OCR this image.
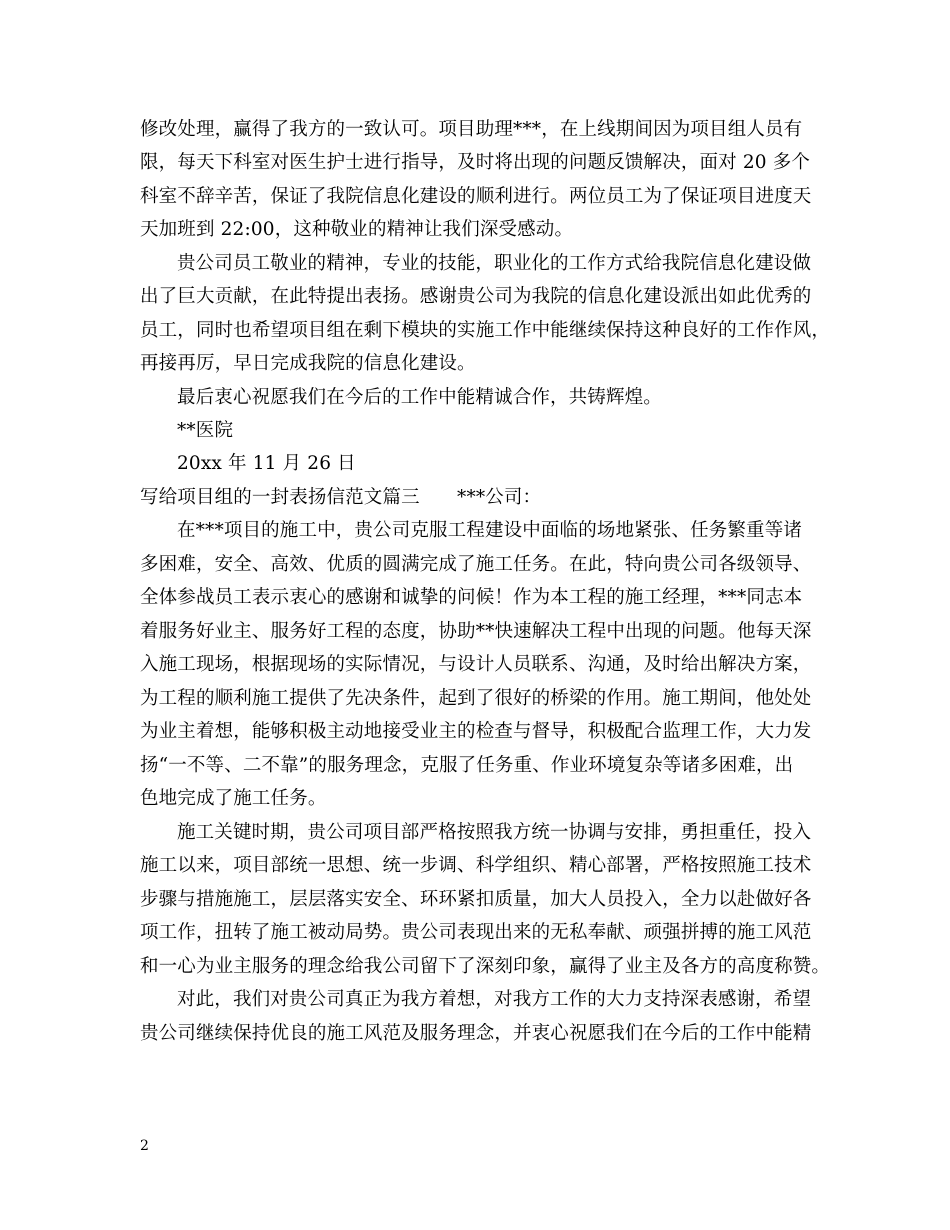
修改处理，赢得了我方的一致认可。项目助理***，在上线期间因为项目组人员有
限，每天下科室对医生护士进行指导，及时将出现的问题反馈解决，面对 20 多个
科室不辞辛苦，保证了我院信息化建设的顺利进行。两位员工为了保证项目进度天
天加班到 22:00，这种敬业的精神让我们深受感动。
贵公司员工敬业的精神，专业的技能，职业化的工作方式给我院信息化建设做
出了巨大贡献，在此特提出表扬。感谢贵公司为我院的信息化建设派出如此优秀的
员工，同时也希望项目组在剩下模块的实施工作中能继续保持这种良好的工作作风，
再接再厉，早日完成我院的信息化建设。
最后衷心祝愿我们在今后的工作中能精诚合作，共铸辉煌。
**医院
20xx 年 11 月 26 日
写给项目组的一封表扬信范文篇三　　***公司：
在***项目的施工中，贵公司克服工程建设中面临的场地紧张、任务繁重等诸
多困难，安全、高效、优质的圆满完成了施工任务。在此，特向贵公司各级领导、
全体参战员工表示衷心的感谢和诚挚的问候！作为本工程的施工经理，***同志本
着服务好业主、服务好工程的态度，协助**快速解决工程中出现的问题。他每天深
入施工现场，根据现场的实际情况，与设计人员联系、沟通，及时给出解决方案，
为工程的顺利施工提供了先决条件，起到了很好的桥梁的作用。施工期间，他处处
为业主着想，能够积极主动地接受业主的检查与督导，积极配合监理工作，大力发
扬“一不等、二不靠”的服务理念，克服了任务重、作业环境复杂等诸多困难，出
色地完成了施工任务。
施工关键时期，贵公司项目部严格按照我方统一协调与安排，勇担重任，投入
施工以来，项目部统一思想、统一步调、科学组织、精心部署，严格按照施工技术
步骤与措施施工，层层落实安全、环环紧扣质量，加大人员投入，全力以赴做好各
项工作，扭转了施工被动局势。贵公司表现出来的无私奉献、顽强拼搏的施工风范
和一心为业主服务的理念给我公司留下了深刻印象，赢得了业主及各方的高度称赞。
对此，我们对贵公司真正为我方着想，对我方工作的大力支持深表感谢，希望
贵公司继续保持优良的施工风范及服务理念，并衷心祝愿我们在今后的工作中能精
2
